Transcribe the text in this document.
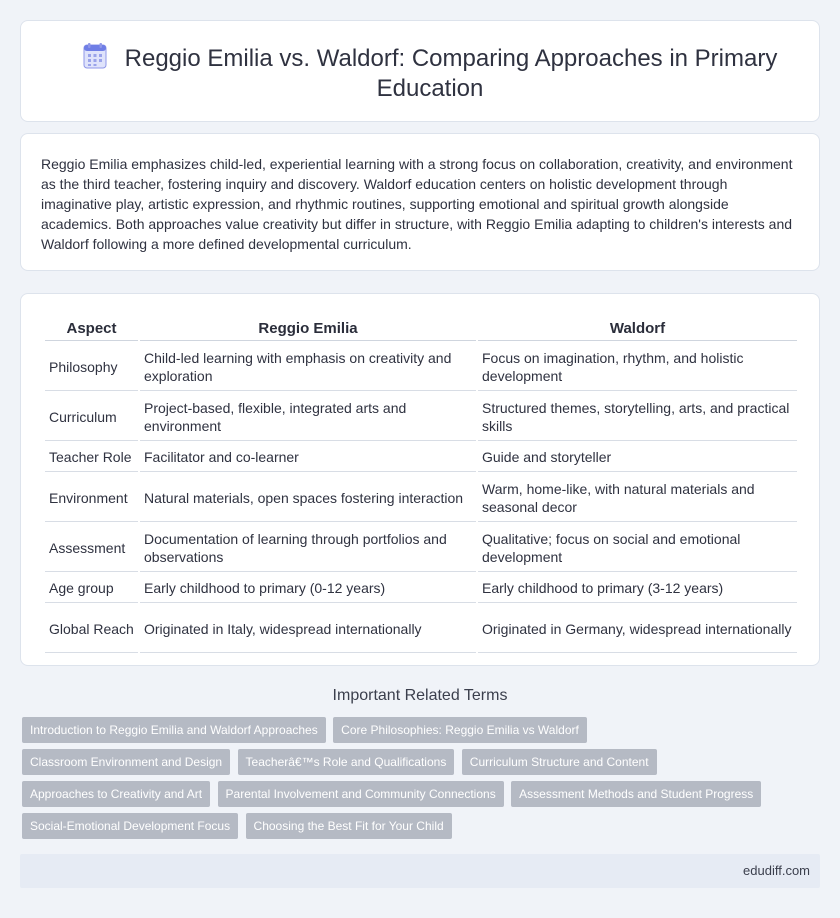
Reggio Emilia vs. Waldorf: Comparing Approaches in Primary Education

Reggio Emilia emphasizes child-led, experiential learning with a strong focus on collaboration, creativity, and environment as the third teacher, fostering inquiry and discovery. Waldorf education centers on holistic development through imaginative play, artistic expression, and rhythmic routines, supporting emotional and spiritual growth alongside academics. Both approaches value creativity but differ in structure, with Reggio Emilia adapting to children's interests and Waldorf following a more defined developmental curriculum.

Aspect	Reggio Emilia	Waldorf
Philosophy	Child-led learning with emphasis on creativity and exploration	Focus on imagination, rhythm, and holistic development
Curriculum	Project-based, flexible, integrated arts and environment	Structured themes, storytelling, arts, and practical skills
Teacher Role	Facilitator and co-learner	Guide and storyteller
Environment	Natural materials, open spaces fostering interaction	Warm, home-like, with natural materials and seasonal decor
Assessment	Documentation of learning through portfolios and observations	Qualitative; focus on social and emotional development
Age group	Early childhood to primary (0-12 years)	Early childhood to primary (3-12 years)
Global Reach	Originated in Italy, widespread internationally	Originated in Germany, widespread internationally
Important Related Terms
Introduction to Reggio Emilia and Waldorf Approaches Core Philosophies: Reggio Emilia vs Waldorf Classroom Environment and Design Teacherâ€™s Role and Qualifications Curriculum Structure and Content Approaches to Creativity and Art Parental Involvement and Community Connections Assessment Methods and Student Progress Social-Emotional Development Focus Choosing the Best Fit for Your Child
edudiff.com
